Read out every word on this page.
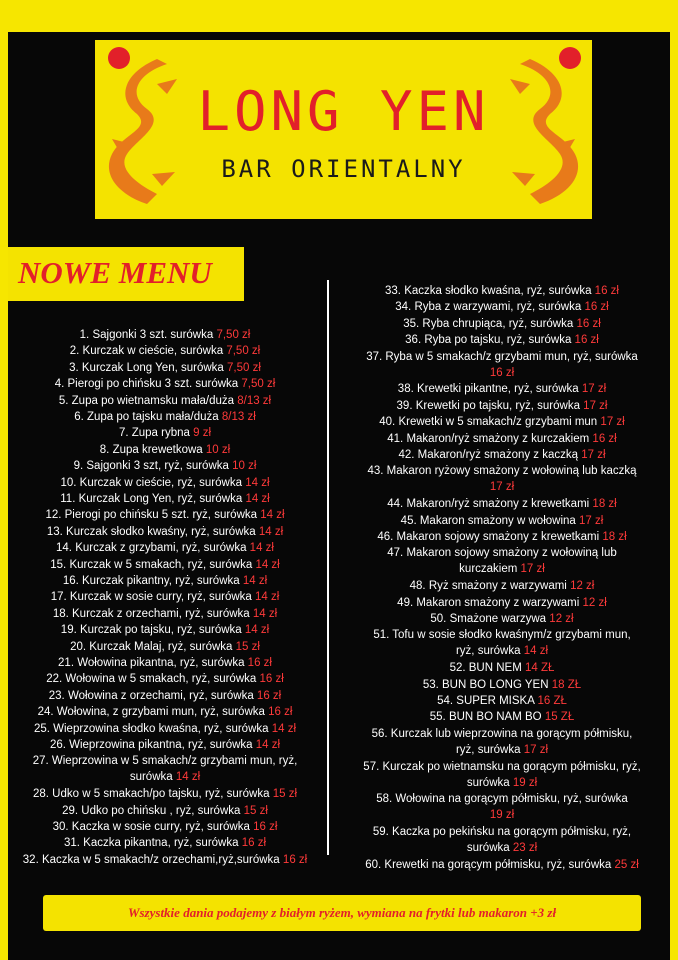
LONG YEN
BAR ORIENTALNY
NOWE MENU
1. Sajgonki 3 szt. surówka 7,50 zł
2. Kurczak w cieście, surówka 7,50 zł
3. Kurczak Long Yen, surówka 7,50 zł
4. Pierogi po chińsku 3 szt. surówka 7,50 zł
5. Zupa po wietnamsku mała/duża 8/13 zł
6. Zupa po tajsku mała/duża 8/13 zł
7. Zupa rybna 9 zł
8. Zupa krewetkowa 10 zł
9. Sajgonki 3 szt, ryż, surówka 10 zł
10. Kurczak w cieście, ryż, surówka 14 zł
11. Kurczak Long Yen, ryż, surówka 14 zł
12. Pierogi po chińsku 5 szt. ryż, surówka 14 zł
13. Kurczak słodko kwaśny, ryż, surówka 14 zł
14. Kurczak z grzybami, ryż, surówka 14 zł
15. Kurczak w 5 smakach, ryż, surówka 14 zł
16. Kurczak pikantny, ryż, surówka 14 zł
17. Kurczak w sosie curry, ryż, surówka 14 zł
18. Kurczak z orzechami, ryż, surówka 14 zł
19. Kurczak po tajsku, ryż, surówka 14 zł
20. Kurczak Malaj, ryż, surówka 15 zł
21. Wołowina pikantna, ryż, surówka 16 zł
22. Wołowina w 5 smakach, ryż, surówka 16 zł
23. Wołowina z orzechami, ryż, surówka 16 zł
24. Wołowina, z grzybami mun, ryż, surówka 16 zł
25. Wieprzowina słodko kwaśna, ryż, surówka 14 zł
26. Wieprzowina pikantna, ryż, surówka 14 zł
27. Wieprzowina w 5 smakach/z grzybami mun, ryż,
surówka 14 zł
28. Udko w 5 smakach/po tajsku, ryż, surówka 15 zł
29. Udko po chińsku , ryż, surówka 15 zł
30. Kaczka w sosie curry, ryż, surówka 16 zł
31. Kaczka pikantna, ryż, surówka 16 zł
32. Kaczka w 5 smakach/z orzechami,ryż,surówka 16 zł
33. Kaczka słodko kwaśna, ryż, surówka 16 zł
34. Ryba z warzywami, ryż, surówka 16 zł
35. Ryba chrupiąca, ryż, surówka 16 zł
36. Ryba po tajsku, ryż, surówka 16 zł
37. Ryba w 5 smakach/z grzybami mun, ryż, surówka
16 zł
38. Krewetki pikantne, ryż, surówka 17 zł
39. Krewetki po tajsku, ryż, surówka 17 zł
40. Krewetki w 5 smakach/z grzybami mun 17 zł
41. Makaron/ryż smażony z kurczakiem 16 zł
42. Makaron/ryż smażony z kaczką 17 zł
43. Makaron ryżowy smażony z wołowiną lub kaczką
17 zł
44. Makaron/ryż smażony z krewetkami 18 zł
45. Makaron smażony w wołowina 17 zł
46. Makaron sojowy smażony z krewetkami 18 zł
47. Makaron sojowy smażony z wołowiną lub
kurczakiem 17 zł
48. Ryż smażony z warzywami 12 zł
49. Makaron smażony z warzywami 12 zł
50. Smażone warzywa 12 zł
51. Tofu w sosie słodko kwaśnym/z grzybami mun,
ryż, surówka 14 zł
52. BUN NEM 14 ZŁ
53. BUN BO LONG YEN 18 ZŁ
54. SUPER MISKA 16 ZŁ
55. BUN BO NAM BO 15 ZŁ
56. Kurczak lub wieprzowina na gorącym półmisku,
ryż, surówka 17 zł
57. Kurczak po wietnamsku na gorącym półmisku, ryż,
surówka 19 zł
58. Wołowina na gorącym półmisku, ryż, surówka
19 zł
59. Kaczka po pekińsku na gorącym półmisku, ryż,
surówka 23 zł
60. Krewetki na gorącym półmisku, ryż, surówka 25 zł
Wszystkie dania podajemy z białym ryżem, wymiana na frytki lub makaron +3 zł
